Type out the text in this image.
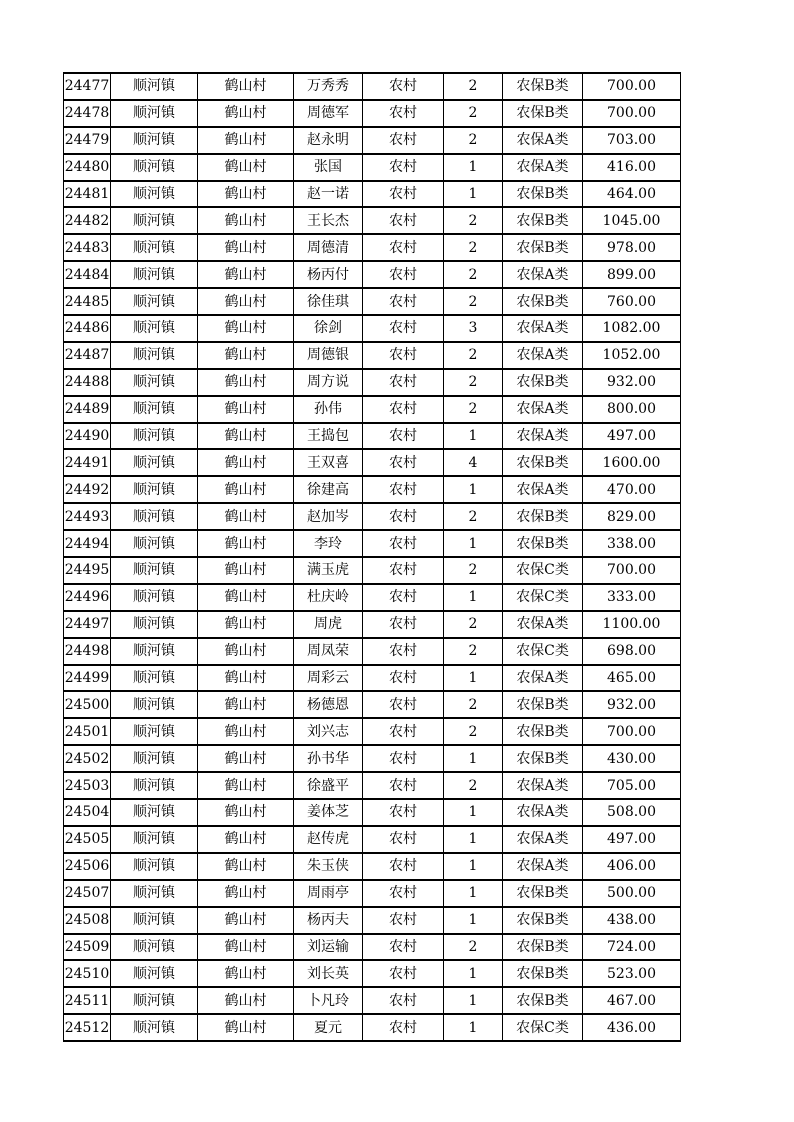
24477	顺河镇	鹤山村	万秀秀	农村	2	农保B类	700.00
24478	顺河镇	鹤山村	周德军	农村	2	农保B类	700.00
24479	顺河镇	鹤山村	赵永明	农村	2	农保A类	703.00
24480	顺河镇	鹤山村	张国	农村	1	农保A类	416.00
24481	顺河镇	鹤山村	赵一诺	农村	1	农保B类	464.00
24482	顺河镇	鹤山村	王长杰	农村	2	农保B类	1045.00
24483	顺河镇	鹤山村	周德清	农村	2	农保B类	978.00
24484	顺河镇	鹤山村	杨丙付	农村	2	农保A类	899.00
24485	顺河镇	鹤山村	徐佳琪	农村	2	农保B类	760.00
24486	顺河镇	鹤山村	徐剑	农村	3	农保A类	1082.00
24487	顺河镇	鹤山村	周德银	农村	2	农保A类	1052.00
24488	顺河镇	鹤山村	周方说	农村	2	农保B类	932.00
24489	顺河镇	鹤山村	孙伟	农村	2	农保A类	800.00
24490	顺河镇	鹤山村	王捣包	农村	1	农保A类	497.00
24491	顺河镇	鹤山村	王双喜	农村	4	农保B类	1600.00
24492	顺河镇	鹤山村	徐建高	农村	1	农保A类	470.00
24493	顺河镇	鹤山村	赵加岑	农村	2	农保B类	829.00
24494	顺河镇	鹤山村	李玲	农村	1	农保B类	338.00
24495	顺河镇	鹤山村	满玉虎	农村	2	农保C类	700.00
24496	顺河镇	鹤山村	杜庆岭	农村	1	农保C类	333.00
24497	顺河镇	鹤山村	周虎	农村	2	农保A类	1100.00
24498	顺河镇	鹤山村	周凤荣	农村	2	农保C类	698.00
24499	顺河镇	鹤山村	周彩云	农村	1	农保A类	465.00
24500	顺河镇	鹤山村	杨德恩	农村	2	农保B类	932.00
24501	顺河镇	鹤山村	刘兴志	农村	2	农保B类	700.00
24502	顺河镇	鹤山村	孙书华	农村	1	农保B类	430.00
24503	顺河镇	鹤山村	徐盛平	农村	2	农保A类	705.00
24504	顺河镇	鹤山村	姜体芝	农村	1	农保A类	508.00
24505	顺河镇	鹤山村	赵传虎	农村	1	农保A类	497.00
24506	顺河镇	鹤山村	朱玉侠	农村	1	农保A类	406.00
24507	顺河镇	鹤山村	周雨亭	农村	1	农保B类	500.00
24508	顺河镇	鹤山村	杨丙夫	农村	1	农保B类	438.00
24509	顺河镇	鹤山村	刘运输	农村	2	农保B类	724.00
24510	顺河镇	鹤山村	刘长英	农村	1	农保B类	523.00
24511	顺河镇	鹤山村	卜凡玲	农村	1	农保B类	467.00
24512	顺河镇	鹤山村	夏元	农村	1	农保C类	436.00
